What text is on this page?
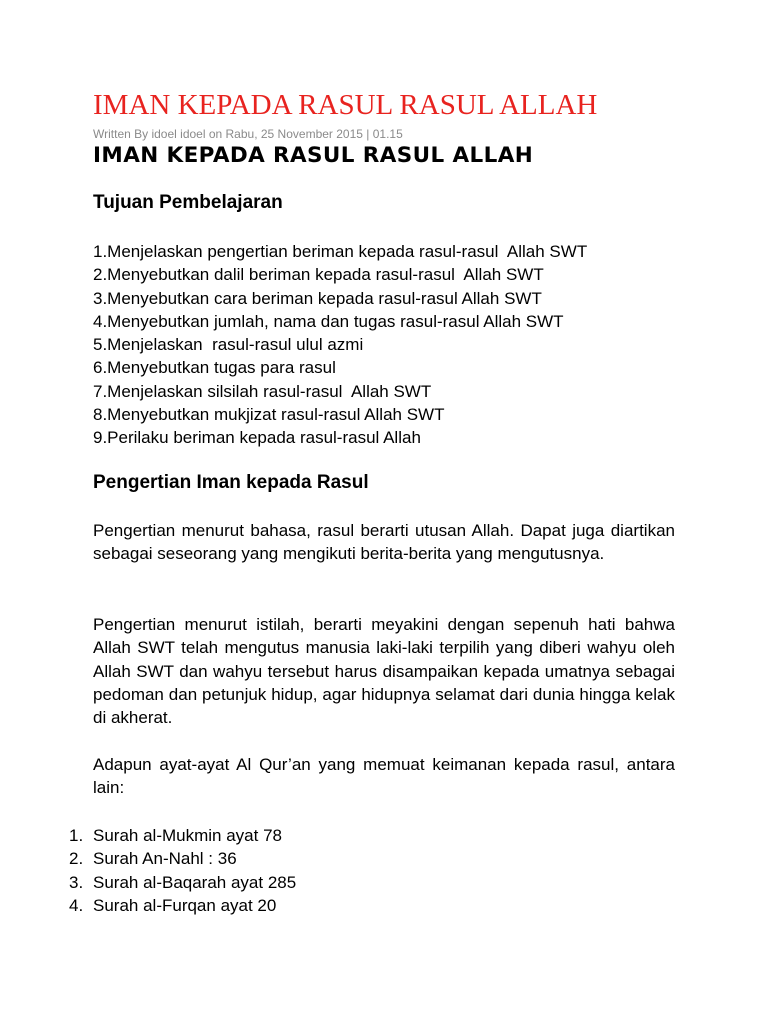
IMAN KEPADA RASUL RASUL ALLAH
Written By idoel idoel on Rabu, 25 November 2015 | 01.15
IMAN KEPADA RASUL RASUL ALLAH
Tujuan Pembelajaran
1.Menjelaskan pengertian beriman kepada rasul-rasul  Allah SWT
2.Menyebutkan dalil beriman kepada rasul-rasul  Allah SWT
3.Menyebutkan cara beriman kepada rasul-rasul Allah SWT
4.Menyebutkan jumlah, nama dan tugas rasul-rasul Allah SWT
5.Menjelaskan  rasul-rasul ulul azmi
6.Menyebutkan tugas para rasul
7.Menjelaskan silsilah rasul-rasul  Allah SWT
8.Menyebutkan mukjizat rasul-rasul Allah SWT
9.Perilaku beriman kepada rasul-rasul Allah
Pengertian Iman kepada Rasul

Pengertian menurut bahasa, rasul berarti utusan Allah. Dapat juga diartikan sebagai seseorang yang mengikuti berita-berita yang mengutusnya.

Pengertian menurut istilah, berarti meyakini dengan sepenuh hati bahwa Allah SWT telah mengutus manusia laki-laki terpilih yang diberi wahyu oleh Allah SWT dan wahyu tersebut harus disampaikan kepada umatnya sebagai pedoman dan petunjuk hidup, agar hidupnya selamat dari dunia hingga kelak di akherat.

Adapun ayat-ayat Al Qur’an yang memuat keimanan kepada rasul, antara lain:

1. Surah al-Mukmin ayat 78
2. Surah An-Nahl : 36
3. Surah al-Baqarah ayat 285
4. Surah al-Furqan ayat 20
